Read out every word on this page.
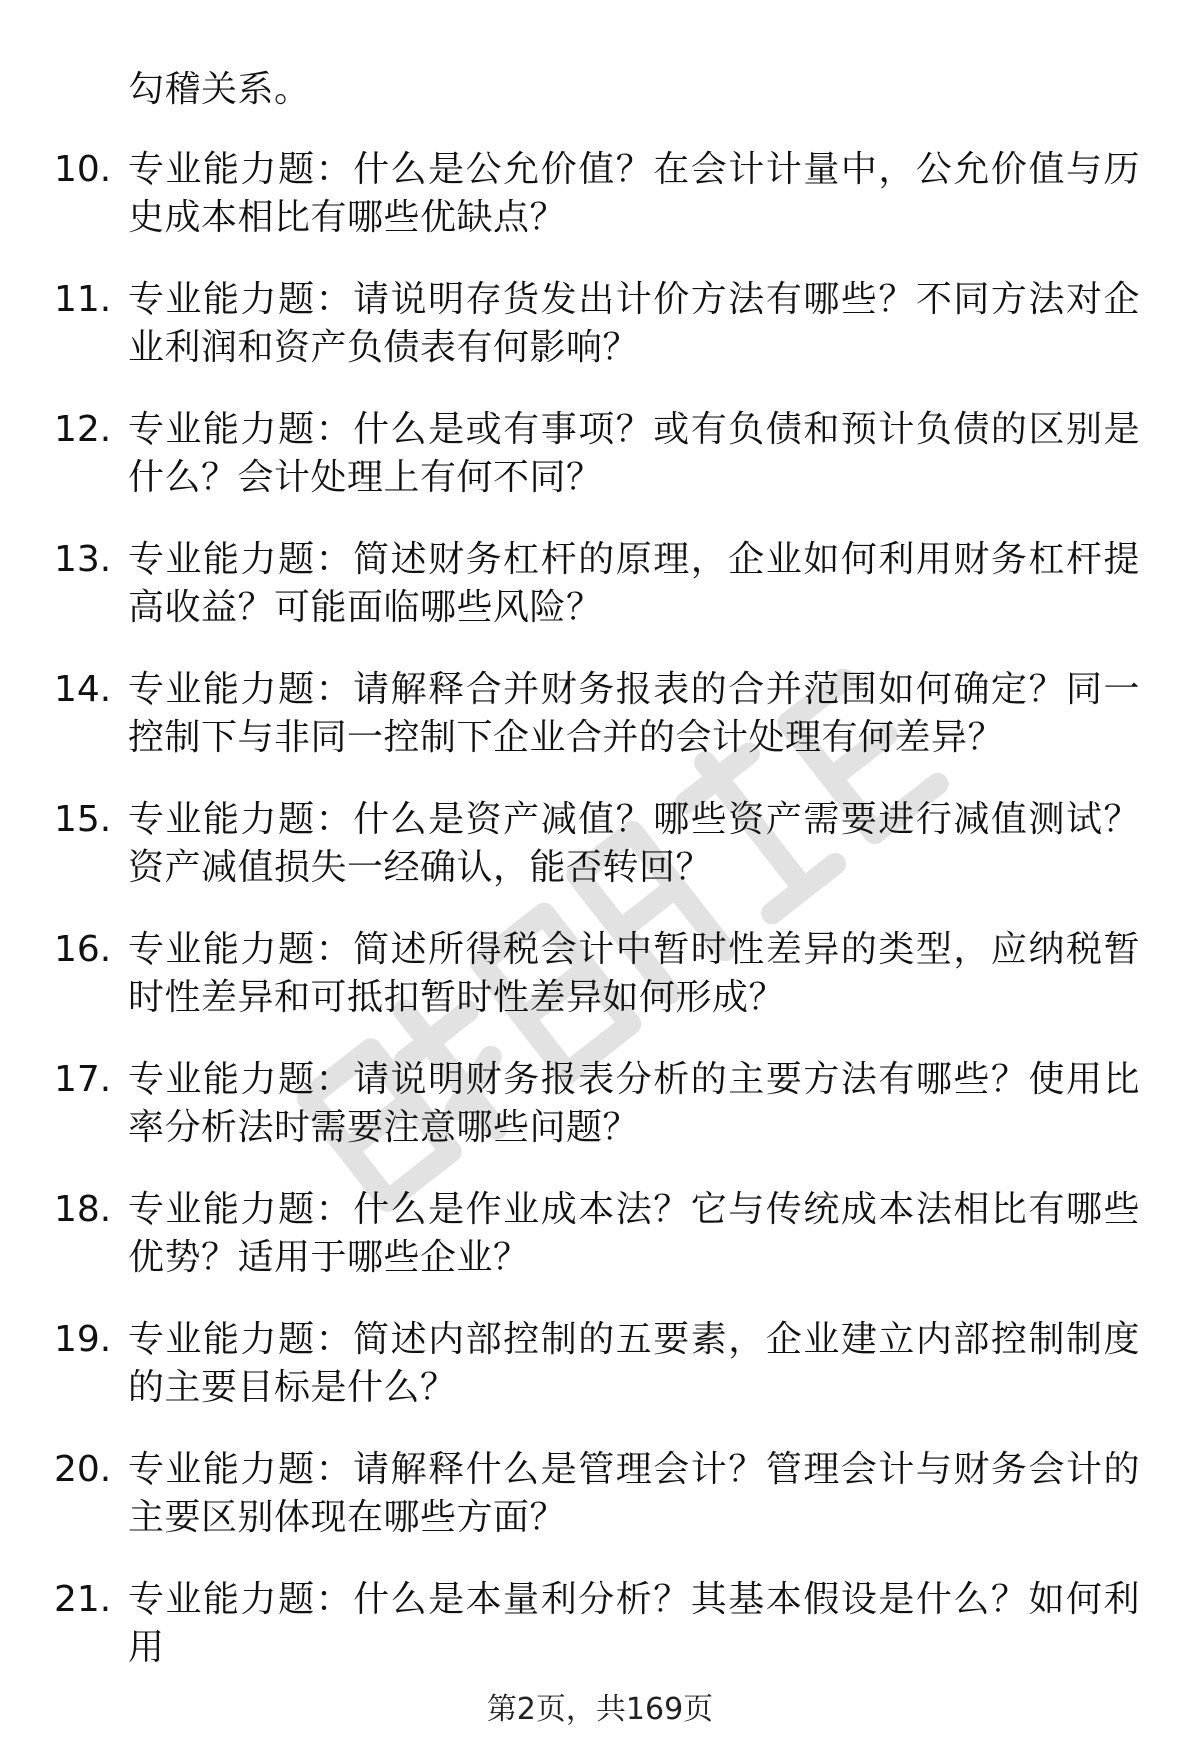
勾稽关系。
10. 专业能力题：什么是公允价值？在会计计量中，公允价值与历史成本相比有哪些优缺点？
11. 专业能力题：请说明存货发出计价方法有哪些？不同方法对企业利润和资产负债表有何影响？
12. 专业能力题：什么是或有事项？或有负债和预计负债的区别是什么？会计处理上有何不同？
13. 专业能力题：简述财务杠杆的原理，企业如何利用财务杠杆提高收益？可能面临哪些风险？
14. 专业能力题：请解释合并财务报表的合并范围如何确定？同一控制下与非同一控制下企业合并的会计处理有何差异？
15. 专业能力题：什么是资产减值？哪些资产需要进行减值测试？资产减值损失一经确认，能否转回？
16. 专业能力题：简述所得税会计中暂时性差异的类型，应纳税暂时性差异和可抵扣暂时性差异如何形成？
17. 专业能力题：请说明财务报表分析的主要方法有哪些？使用比率分析法时需要注意哪些问题？
18. 专业能力题：什么是作业成本法？它与传统成本法相比有哪些优势？适用于哪些企业？
19. 专业能力题：简述内部控制的五要素，企业建立内部控制制度的主要目标是什么？
20. 专业能力题：请解释什么是管理会计？管理会计与财务会计的主要区别体现在哪些方面？
21. 专业能力题：什么是本量利分析？其基本假设是什么？如何利用
第2页，共169页
